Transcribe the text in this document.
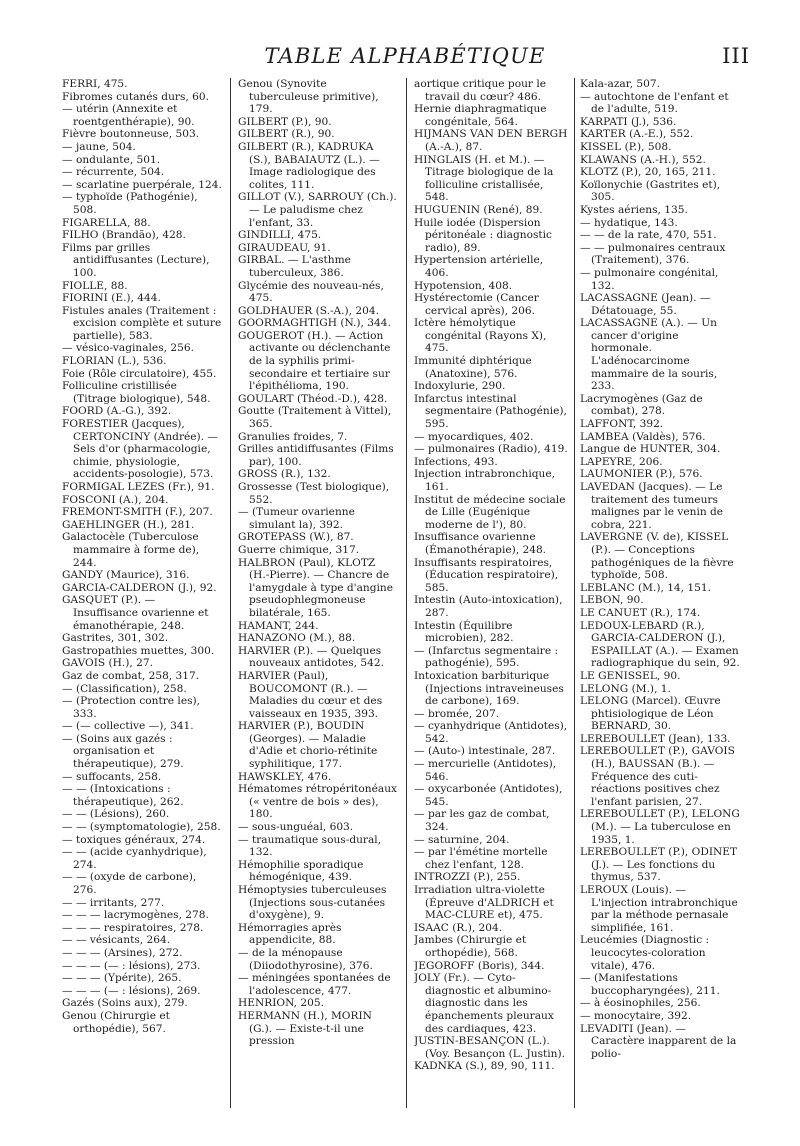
TABLE ALPHABÉTIQUE	III

FERRI, 475.

Fibromes cutanés durs, 60.

— utérin (Annexite et roentgenthérapie), 90.

Fièvre boutonneuse, 503.

— jaune, 504.

— ondulante, 501.

— récurrente, 504.

— scarlatine puerpérale, 124.

— typhoïde (Pathogénie), 508.

FIGARELLA, 88.

FILHO (Brandão), 428.

Films par grilles antidiffusantes (Lecture), 100.

FIOLLE, 88.

FIORINI (E.), 444.

Fistules anales (Traitement : excision complète et suture partielle), 583.

— vésico-vaginales, 256.

FLORIAN (L.), 536.

Foie (Rôle circulatoire), 455.

Folliculine cristillisée (Titrage biologique), 548.

FOORD (A.-G.), 392.

FORESTIER (Jacques), CERTONCINY (Andrée). — Sels d'or (pharmacologie, chimie, physiologie, accidents-posologie), 573.

FORMIGAL LEZES (Fr.), 91.

FOSCONI (A.), 204.

FREMONT-SMITH (F.), 207.

GAEHLINGER (H.), 281.

Galactocèle (Tuberculose mammaire à forme de), 244.

GANDY (Maurice), 316.

GARCIA-CALDERON (J.), 92.

GASQUET (P.). — Insuffisance ovarienne et émanothérapie, 248.

Gastrites, 301, 302.

Gastropathies muettes, 300.

GAVOIS (H.), 27.

Gaz de combat, 258, 317.

— (Classification), 258.

— (Protection contre les), 333.

— (— collective —), 341.

— (Soins aux gazés : organisation et thérapeutique), 279.

— suffocants, 258.

— — (Intoxications : thérapeutique), 262.

— — (Lésions), 260.

— — (symptomatologie), 258.

— toxiques généraux, 274.

— — (acide cyanhydrique), 274.

— — (oxyde de carbone), 276.

— — irritants, 277.

— — — lacrymogènes, 278.

— — — respiratoires, 278.

— — vésicants, 264.

— — — (Arsines), 272.

— — — (— : lésions), 273.

— — — (Ypérite), 265.

— — — (— : lésions), 269.

Gazés (Soins aux), 279.

Genou (Chirurgie et orthopédie), 567.

Genou (Synovite tuberculeuse primitive), 179.

GILBERT (P.), 90.

GILBERT (R.), 90.

GILBERT (R.), KADRUKA (S.), BABAIAUTZ (L.). — Image radiologique des colites, 111.

GILLOT (V.), SARROUY (Ch.). — Le paludisme chez l'enfant, 33.

GINDILLI, 475.

GIRAUDEAU, 91.

GIRBAL. — L'asthme tuberculeux, 386.

Glycémie des nouveau-nés, 475.

GOLDHAUER (S.-A.), 204.

GOORMAGHTIGH (N.), 344.

GOUGEROT (H.). — Action activante ou déclenchante de la syphilis primi-secondaire et tertiaire sur l'épithélioma, 190.

GOULART (Théod.-D.), 428.

Goutte (Traitement à Vittel), 365.

Granulies froides, 7.

Grilles antidiffusantes (Films par), 100.

GROSS (R.), 132.

Grossesse (Test biologique), 552.

— (Tumeur ovarienne simulant la), 392.

GROTEPASS (W.), 87.

Guerre chimique, 317.

HALBRON (Paul), KLOTZ (H.-Pierre). — Chancre de l'amygdale à type d'angine pseudophlegmoneuse bilatérale, 165.

HAMANT, 244.

HANAZONO (M.), 88.

HARVIER (P.). — Quelques nouveaux antidotes, 542.

HARVIER (Paul), BOUCOMONT (R.). — Maladies du cœur et des vaisseaux en 1935, 393.

HARVIER (P.), BOUDIN (Georges). — Maladie d'Adie et chorio-rétinite syphilitique, 177.

HAWSKLEY, 476.

Hématomes rétropéritonéaux (« ventre de bois » des), 180.

— sous-unguéal, 603.

— traumatique sous-dural, 132.

Hémophilie sporadique hémogénique, 439.

Hémoptysies tuberculeuses (Injections sous-cutanées d'oxygène), 9.

Hémorragies après appendicite, 88.

— de la ménopause (Diiodothyrosine), 376.

— méningées spontanées de l'adolescence, 477.

HENRION, 205.

HERMANN (H.), MORIN (G.). — Existe-t-il une pression

aortique critique pour le travail du cœur? 486.

Hernie diaphragmatique congénitale, 564.

HIJMANS VAN DEN BERGH (A.-A.), 87.

HINGLAIS (H. et M.). — Titrage biologique de la folliculine cristallisée, 548.

HUGUENIN (René), 89.

Huile iodée (Dispersion péritonéale : diagnostic radio), 89.

Hypertension artérielle, 406.

Hypotension, 408.

Hystérectomie (Cancer cervical après), 206.

Ictère hémolytique congénital (Rayons X), 475.

Immunité diphtérique (Anatoxine), 576.

Indoxylurie, 290.

Infarctus intestinal segmentaire (Pathogénie), 595.

— myocardiques, 402.

— pulmonaires (Radio), 419.

Infections, 493.

Injection intrabronchique, 161.

Institut de médecine sociale de Lille (Eugénique moderne de l'), 80.

Insuffisance ovarienne (Émanothérapie), 248.

Insuffisants respiratoires, (Éducation respiratoire), 585.

Intestin (Auto-intoxication), 287.

Intestin (Équilibre microbien), 282.

— (Infarctus segmentaire : pathogénie), 595.

Intoxication barbiturique (Injections intraveineuses de carbone), 169.

— bromée, 207.

— cyanhydrique (Antidotes), 542.

— (Auto-) intestinale, 287.

— mercurielle (Antidotes), 546.

— oxycarbonée (Antidotes), 545.

— par les gaz de combat, 324.

— saturnine, 204.

— par l'émétine mortelle chez l'enfant, 128.

INTROZZI (P.), 255.

Irradiation ultra-violette (Épreuve d'ALDRICH et MAC-CLURE et), 475.

ISAAC (R.), 204.

Jambes (Chirurgie et orthopédie), 568.

JEGOROFF (Boris), 344.

JOLY (Fr.). — Cyto-diagnostic et albumino-diagnostic dans les épanchements pleuraux des cardiaques, 423.

JUSTIN-BESANÇON (L.). (Voy. Besançon (L. Justin).

KADNKA (S.), 89, 90, 111.

Kala-azar, 507.

— autochtone de l'enfant et de l'adulte, 519.

KARPATI (J.), 536.

KARTER (A.-E.), 552.

KISSEL (P.), 508.

KLAWANS (A.-H.), 552.

KLOTZ (P.), 20, 165, 211.

Koïlonychie (Gastrites et), 305.

Kystes aériens, 135.

— hydatique, 143.

— — de la rate, 470, 551.

— — pulmonaires centraux (Traitement), 376.

— pulmonaire congénital, 132.

LACASSAGNE (Jean). — Détatouage, 55.

LACASSAGNE (A.). — Un cancer d'origine hormonale. L'adénocarcinome mammaire de la souris, 233.

Lacrymogènes (Gaz de combat), 278.

LAFFONT, 392.

LAMBEA (Valdès), 576.

Langue de HUNTER, 304.

LAPEYRE, 206.

LAUMONIER (P.), 576.

LAVEDAN (Jacques). — Le traitement des tumeurs malignes par le venin de cobra, 221.

LAVERGNE (V. de), KISSEL (P.). — Conceptions pathogéniques de la fièvre typhoïde, 508.

LEBLANC (M.), 14, 151.

LEBON, 90.

LE CANUET (R.), 174.

LEDOUX-LEBARD (R.), GARCIA-CALDERON (J.), ESPAILLAT (A.). — Examen radiographique du sein, 92.

LE GENISSEL, 90.

LELONG (M.), 1.

LELONG (Marcel). Œuvre phtisiologique de Léon BERNARD, 30.

LEREBOULLET (Jean), 133.

LEREBOULLET (P.), GAVOIS (H.), BAUSSAN (B.). — Fréquence des cuti-réactions positives chez l'enfant parisien, 27.

LEREBOULLET (P.), LELONG (M.). — La tuberculose en 1935, 1.

LEREBOULLET (P.), ODINET (J.). — Les fonctions du thymus, 537.

LEROUX (Louis). — L'injection intrabronchique par la méthode pernasale simplifiée, 161.

Leucémies (Diagnostic : leucocytes-coloration vitale), 476.

— (Manifestations buccopharyngées), 211.

— à éosinophiles, 256.

— monocytaire, 392.

LEVADITI (Jean). — Caractère inapparent de la polio-
